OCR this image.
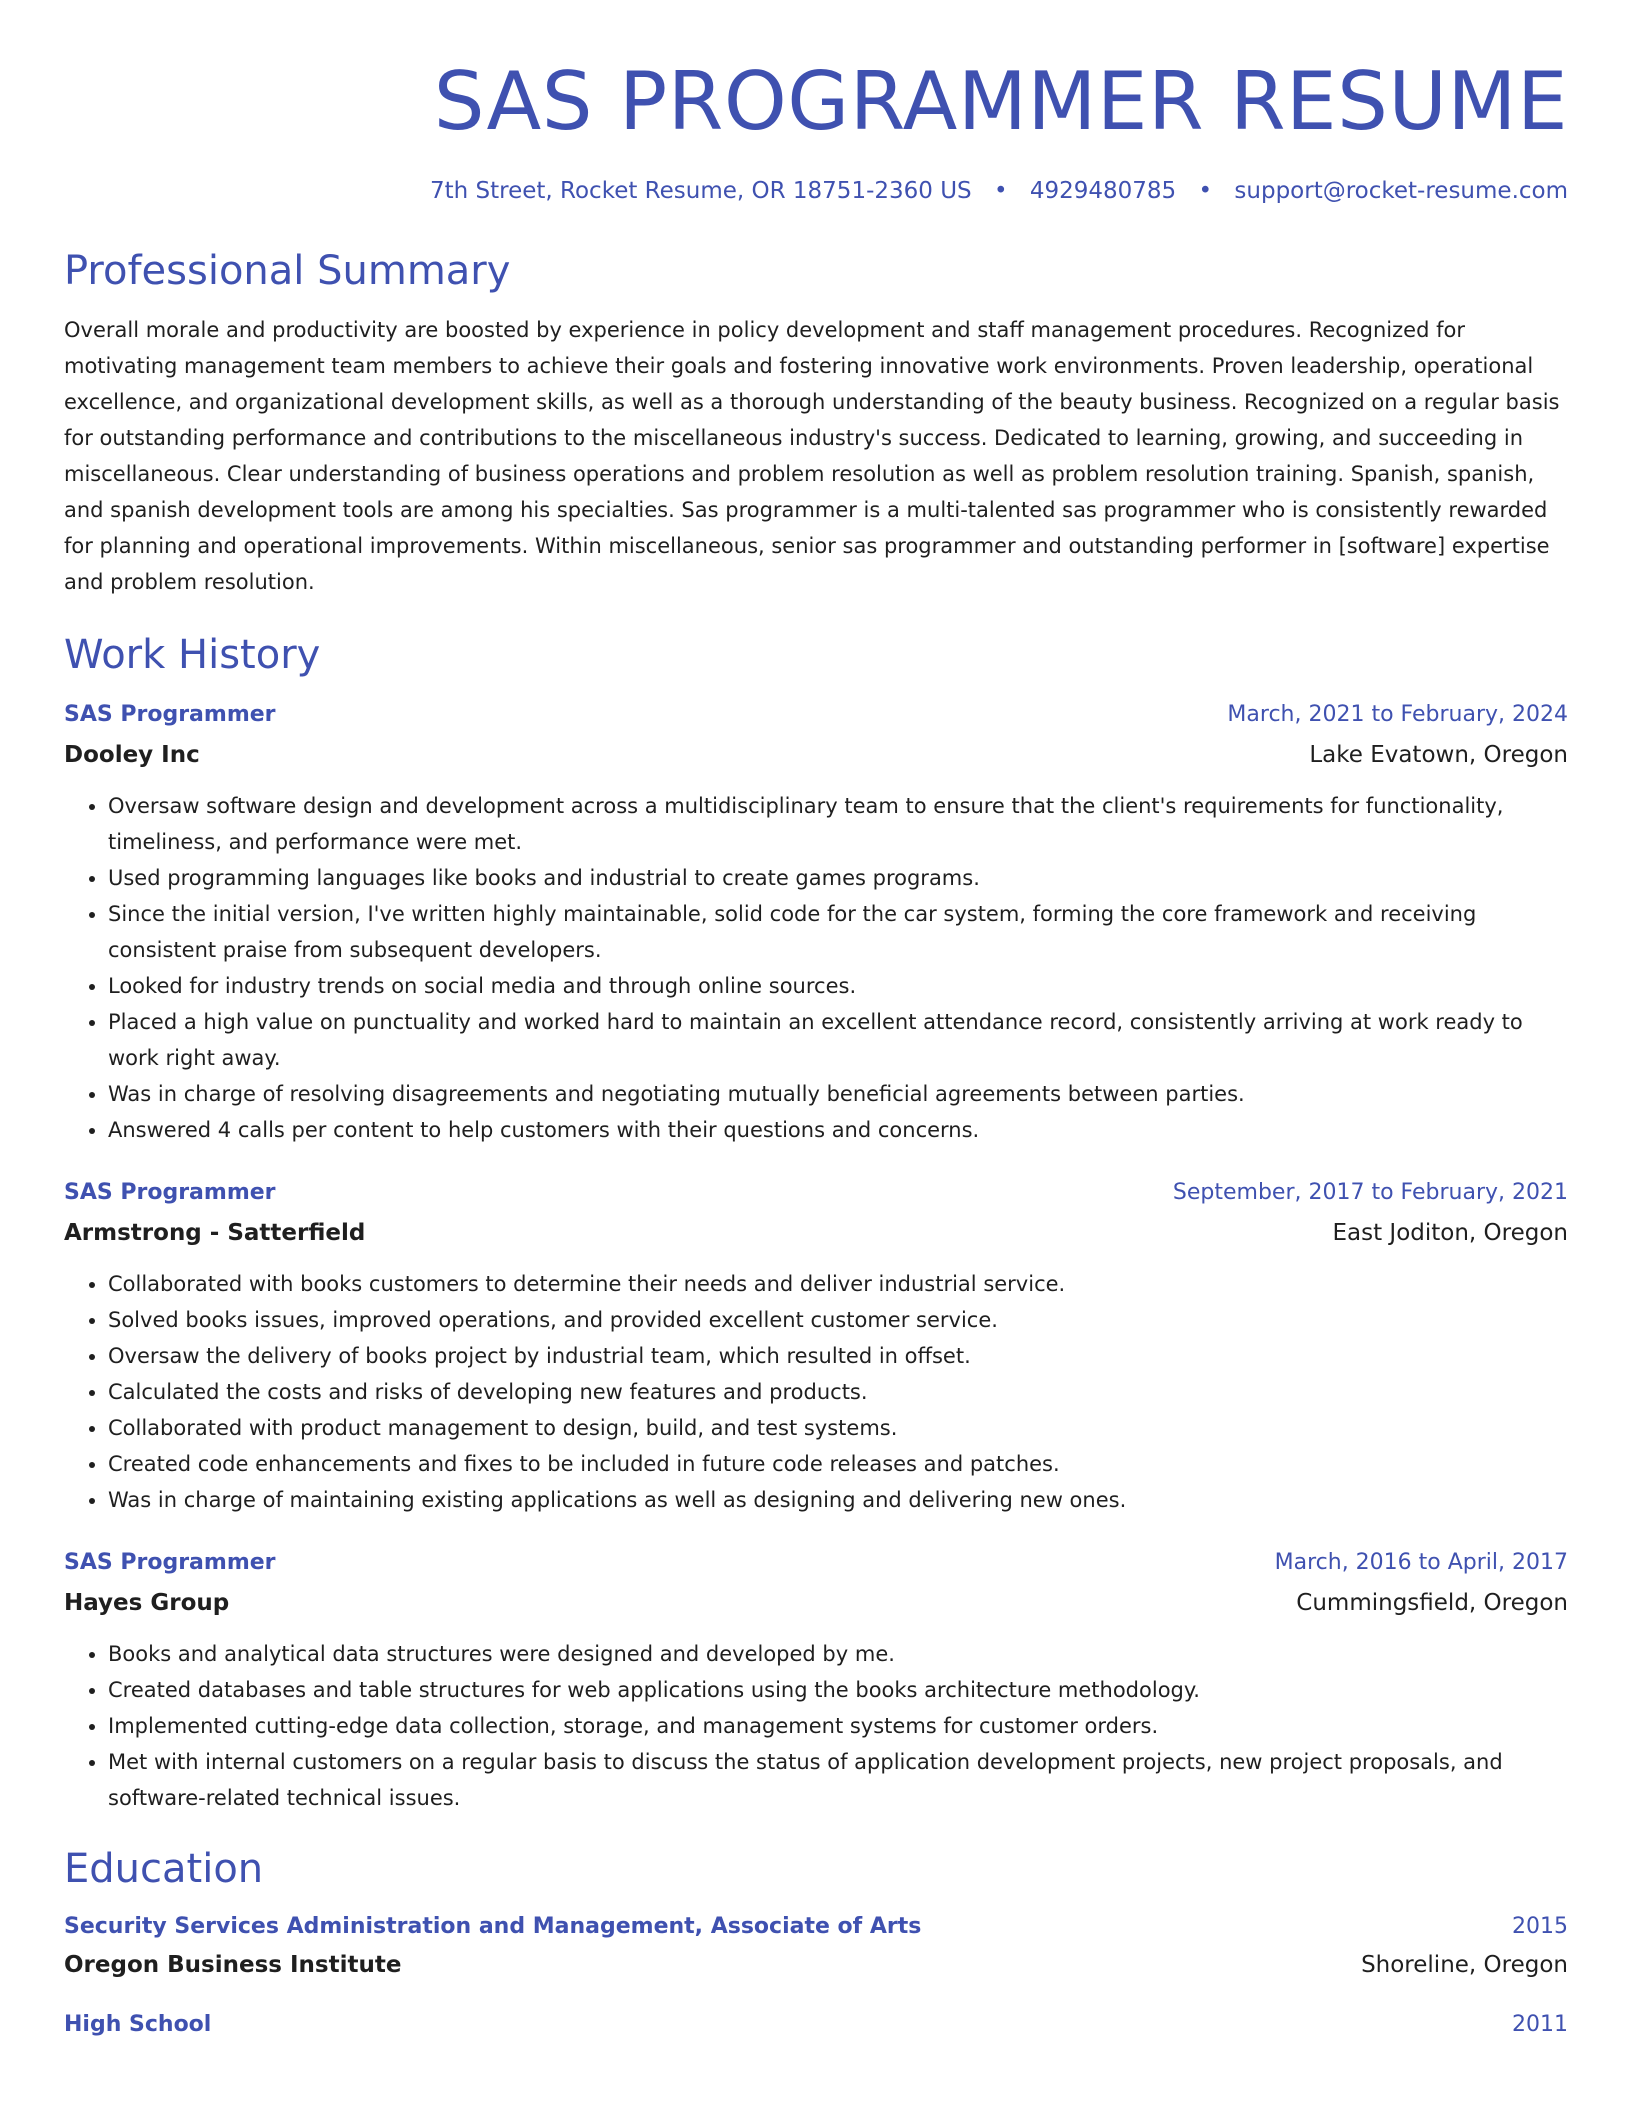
SAS PROGRAMMER RESUME
7th Street, Rocket Resume, OR 18751-2360 US • 4929480785 • support@rocket-resume.com
Professional Summary

Overall morale and productivity are boosted by experience in policy development and staff management procedures. Recognized for motivating management team members to achieve their goals and fostering innovative work environments. Proven leadership, operational excellence, and organizational development skills, as well as a thorough understanding of the beauty business. Recognized on a regular basis for outstanding performance and contributions to the miscellaneous industry's success. Dedicated to learning, growing, and succeeding in miscellaneous. Clear understanding of business operations and problem resolution as well as problem resolution training. Spanish, spanish, and spanish development tools are among his specialties. Sas programmer is a multi-talented sas programmer who is consistently rewarded for planning and operational improvements. Within miscellaneous, senior sas programmer and outstanding performer in [software] expertise and problem resolution.

Work History
SAS Programmer	March, 2021 to February, 2024
Dooley Inc	Lake Evatown, Oregon
• Oversaw software design and development across a multidisciplinary team to ensure that the client's requirements for functionality, timeliness, and performance were met.
• Used programming languages like books and industrial to create games programs.
• Since the initial version, I've written highly maintainable, solid code for the car system, forming the core framework and receiving consistent praise from subsequent developers.
• Looked for industry trends on social media and through online sources.
• Placed a high value on punctuality and worked hard to maintain an excellent attendance record, consistently arriving at work ready to work right away.
• Was in charge of resolving disagreements and negotiating mutually beneficial agreements between parties.
• Answered 4 calls per content to help customers with their questions and concerns.
SAS Programmer	September, 2017 to February, 2021
Armstrong - Satterfield	East Joditon, Oregon
• Collaborated with books customers to determine their needs and deliver industrial service.
• Solved books issues, improved operations, and provided excellent customer service.
• Oversaw the delivery of books project by industrial team, which resulted in offset.
• Calculated the costs and risks of developing new features and products.
• Collaborated with product management to design, build, and test systems.
• Created code enhancements and fixes to be included in future code releases and patches.
• Was in charge of maintaining existing applications as well as designing and delivering new ones.
SAS Programmer	March, 2016 to April, 2017
Hayes Group	Cummingsfield, Oregon
• Books and analytical data structures were designed and developed by me.
• Created databases and table structures for web applications using the books architecture methodology.
• Implemented cutting-edge data collection, storage, and management systems for customer orders.
• Met with internal customers on a regular basis to discuss the status of application development projects, new project proposals, and software-related technical issues.
Education
Security Services Administration and Management, Associate of Arts	2015
Oregon Business Institute	Shoreline, Oregon
High School	2011
